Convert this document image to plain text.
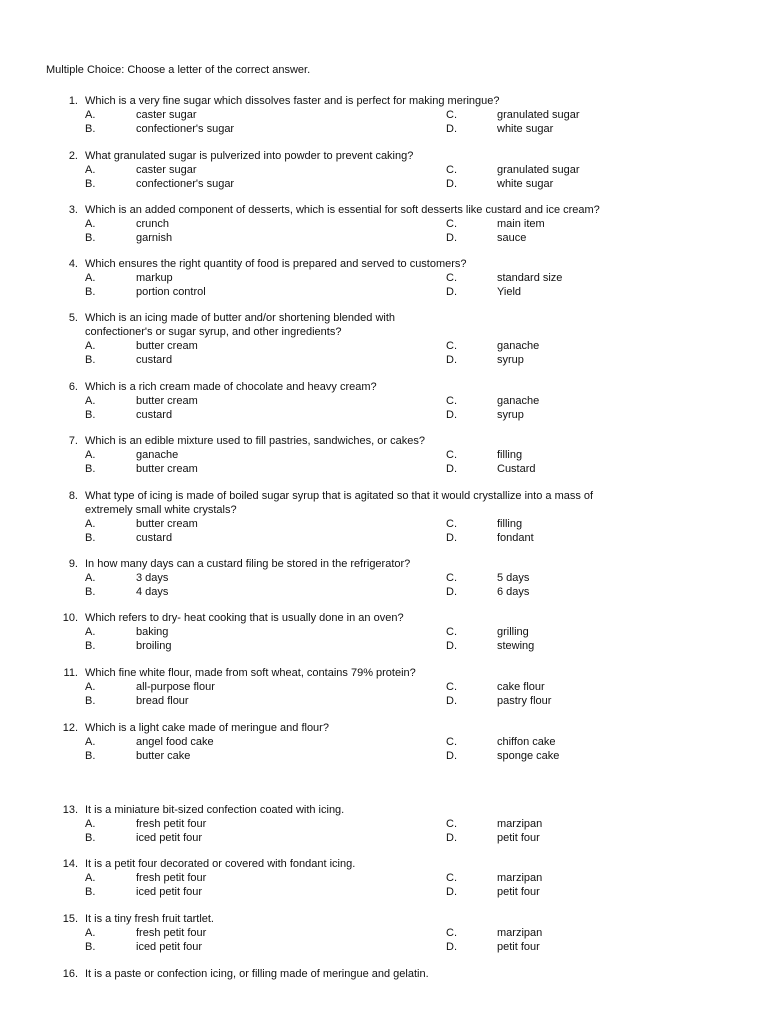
Multiple Choice: Choose a letter of the correct answer.
1. Which is a very fine sugar which dissolves faster and is perfect for making meringue?
A.	caster sugar	C.	granulated sugar
B.	confectioner's sugar	D.	white sugar
2. What granulated sugar is pulverized into powder to prevent caking?
A.	caster sugar	C.	granulated sugar
B.	confectioner's sugar	D.	white sugar
3. Which is an added component of desserts, which is essential for soft desserts like custard and ice cream?
A.	crunch	C.	main item
B.	garnish	D.	sauce
4. Which ensures the right quantity of food is prepared and served to customers?
A.	markup	C.	standard size
B.	portion control	D.	Yield
5. Which is an icing made of butter and/or shortening blended with
confectioner's or sugar syrup, and other ingredients?
A.	butter cream	C.	ganache
B.	custard	D.	syrup
6. Which is a rich cream made of chocolate and heavy cream?
A.	butter cream	C.	ganache
B.	custard	D.	syrup
7. Which is an edible mixture used to fill pastries, sandwiches, or cakes?
A.	ganache	C.	filling
B.	butter cream	D.	Custard
8. What type of icing is made of boiled sugar syrup that is agitated so that it would crystallize into a mass of
extremely small white crystals?
A.	butter cream	C.	filling
B.	custard	D.	fondant
9. In how many days can a custard filing be stored in the refrigerator?
A.	3 days	C.	5 days
B.	4 days	D.	6 days
10. Which refers to dry- heat cooking that is usually done in an oven?
A.	baking	C.	grilling
B.	broiling	D.	stewing
11. Which fine white flour, made from soft wheat, contains 79% protein?
A.	all-purpose flour	C.	cake flour
B.	bread flour	D.	pastry flour
12. Which is a light cake made of meringue and flour?
A.	angel food cake	C.	chiffon cake
B.	butter cake	D.	sponge cake
13. It is a miniature bit-sized confection coated with icing.
A.	fresh petit four	C.	marzipan
B.	iced petit four	D.	petit four
14. It is a petit four decorated or covered with fondant icing.
A.	fresh petit four	C.	marzipan
B.	iced petit four	D.	petit four
15. It is a tiny fresh fruit tartlet.
A.	fresh petit four	C.	marzipan
B.	iced petit four	D.	petit four
16. It is a paste or confection icing, or filling made of meringue and gelatin.
